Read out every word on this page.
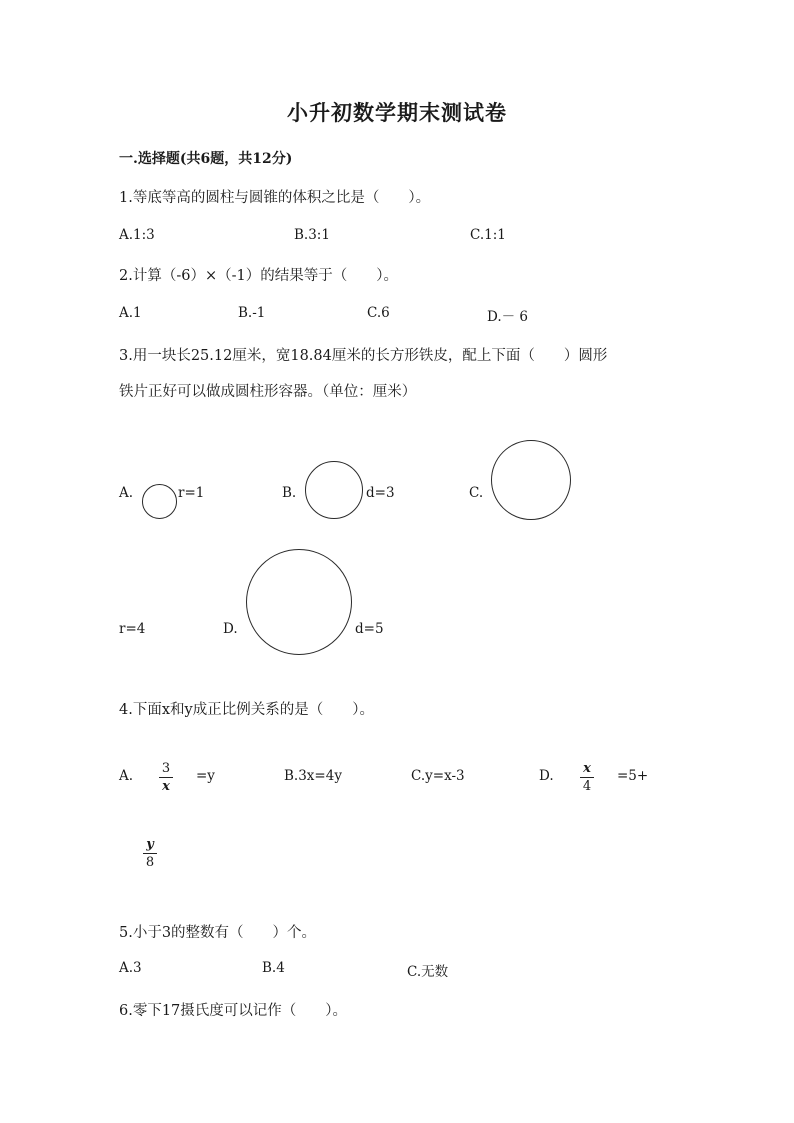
小升初数学期末测试卷
一.选择题(共6题，共12分)
1.等底等高的圆柱与圆锥的体积之比是（　　）。
A.1:3	B.3:1	C.1:1
2.计算（-6）×（-1）的结果等于（　　）。
A.1	B.-1	C.6	D.－ 6
3.用一块长25.12厘米，宽18.84厘米的长方形铁皮，配上下面（　　）圆形
铁片正好可以做成圆柱形容器。（单位：厘米）
A.	r=1	B.	d=3	C.
r=4	D.	d=5
4.下面x和y成正比例关系的是（　　）。
A. 3
x
=y	B.3x=4y	C.y=x-3	D. x
4
=5+
y
8
5.小于3的整数有（　　）个。
A.3	B.4	C.无数
6.零下17摄氏度可以记作（　　）。
